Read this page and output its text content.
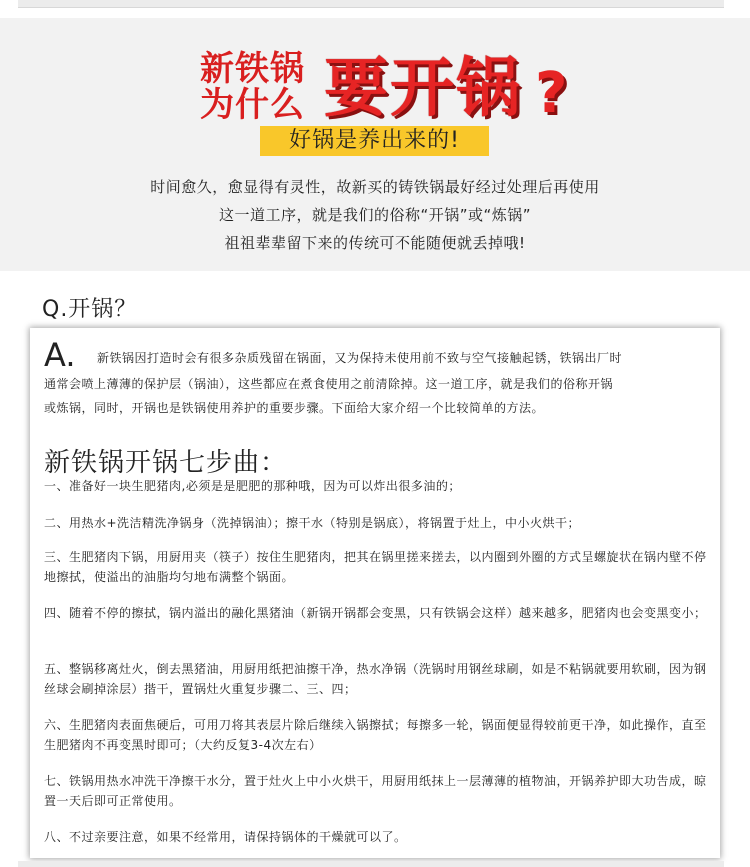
新铁锅
为什么 要开锅 ?
好锅是养出来的!
时间愈久，愈显得有灵性，故新买的铸铁锅最好经过处理后再使用
这一道工序，就是我们的俗称“开锅”或“炼锅”
祖祖辈辈留下来的传统可不能随便就丢掉哦!
Q.开锅？
A. 新铁锅因打造时会有很多杂质残留在锅面，又为保持未使用前不致与空气接触起锈，铁锅出厂时
通常会喷上薄薄的保护层（锅油），这些都应在煮食使用之前清除掉。这一道工序，就是我们的俗称开锅
或炼锅，同时，开锅也是铁锅使用养护的重要步骤。下面给大家介绍一个比较简单的方法。
新铁锅开锅七步曲：
一、准备好一块生肥猪肉,必须是是肥肥的那种哦，因为可以炸出很多油的；
二、用热水+洗洁精洗净锅身（洗掉锅油）；擦干水（特别是锅底），将锅置于灶上，中小火烘干；
三、生肥猪肉下锅，用厨用夹（筷子）按住生肥猪肉，把其在锅里搓来搓去，以内圈到外圈的方式呈螺旋状在锅内壁不停地擦拭，使溢出的油脂均匀地布满整个锅面。
四、随着不停的擦拭，锅内溢出的融化黑猪油（新锅开锅都会变黑，只有铁锅会这样）越来越多，肥猪肉也会变黑变小；
五、整锅移离灶火，倒去黑猪油，用厨用纸把油擦干净，热水净锅（洗锅时用钢丝球刷，如是不粘锅就要用软刷，因为钢丝球会刷掉涂层）揩干，置锅灶火重复步骤二、三、四；
六、生肥猪肉表面焦硬后，可用刀将其表层片除后继续入锅擦拭；每擦多一轮，锅面便显得较前更干净，如此操作，直至生肥猪肉不再变黑时即可；（大约反复3-4次左右）
七、铁锅用热水冲洗干净擦干水分，置于灶火上中小火烘干，用厨用纸抹上一层薄薄的植物油，开锅养护即大功告成，晾置一天后即可正常使用。
八、不过亲要注意，如果不经常用，请保持锅体的干燥就可以了。
